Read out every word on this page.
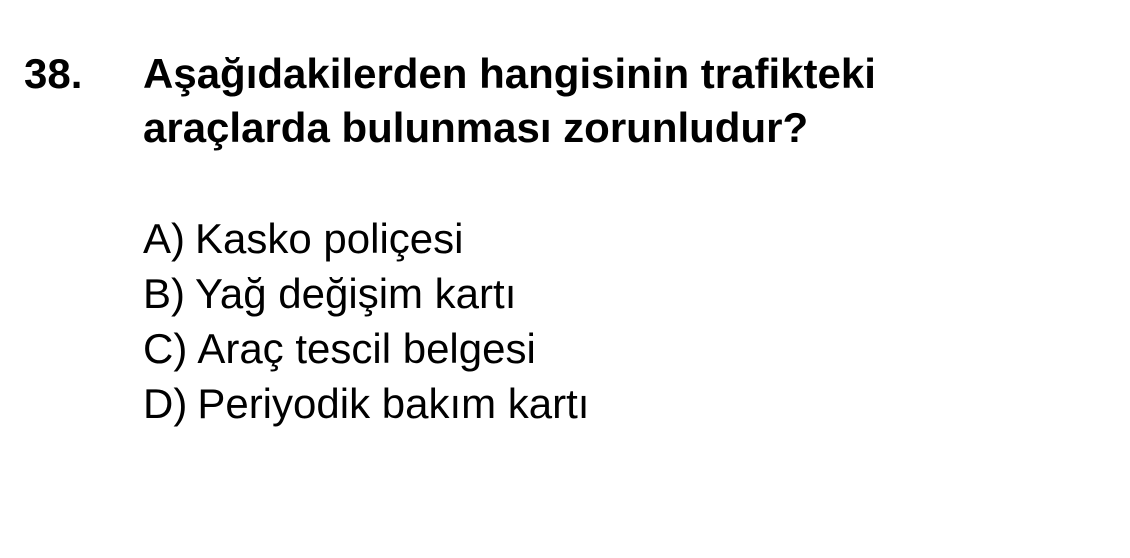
38. Aşağıdakilerden hangisinin trafikteki
araçlarda bulunması zorunludur?
A) Kasko poliçesi
B) Yağ değişim kartı
C) Araç tescil belgesi
D) Periyodik bakım kartı
